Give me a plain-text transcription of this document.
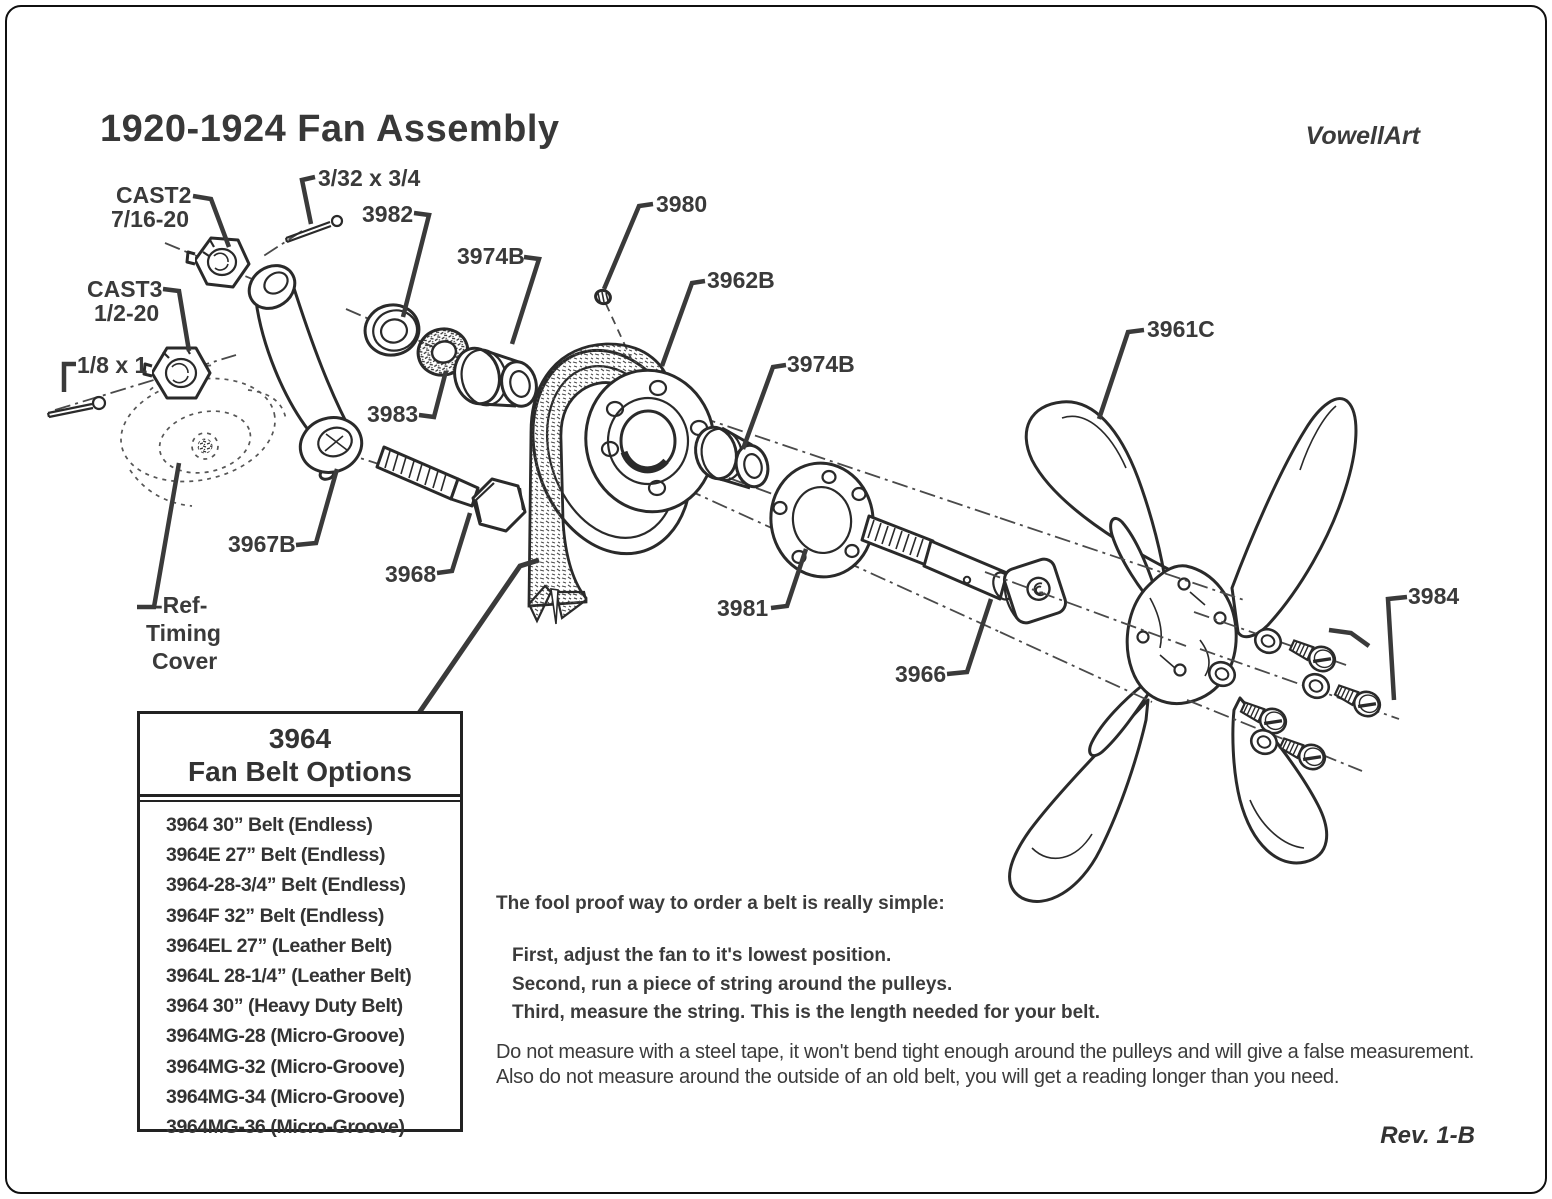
CAST2
7/16-20
CAST3
1/2-20
3/32 x 3/4
1/8 x 1
3982
3974B
3980
3962B
3974B
3961C
3984
3983
3967B
3968
3981
3966
-Ref-
Timing
Cover
1920-1924 Fan Assembly	VowellArt
3964
Fan Belt Options
3964 30” Belt (Endless)
3964E 27” Belt (Endless)
3964-28-3/4” Belt (Endless)
3964F 32” Belt (Endless)
3964EL 27” (Leather Belt)
3964L 28-1/4” (Leather Belt)
3964 30” (Heavy Duty Belt)
3964MG-28 (Micro-Groove)
3964MG-32 (Micro-Groove)
3964MG-34 (Micro-Groove)
3964MG-36 (Micro-Groove)
The fool proof way to order a belt is really simple:
First, adjust the fan to it's lowest position.
Second, run a piece of string around the pulleys.
Third, measure the string. This is the length needed for your belt.
Do not measure with a steel tape, it won't bend tight enough around the pulleys and will give a false measurement. Also do not measure around the outside of an old belt, you will get a reading longer than you need.
Rev. 1-B
